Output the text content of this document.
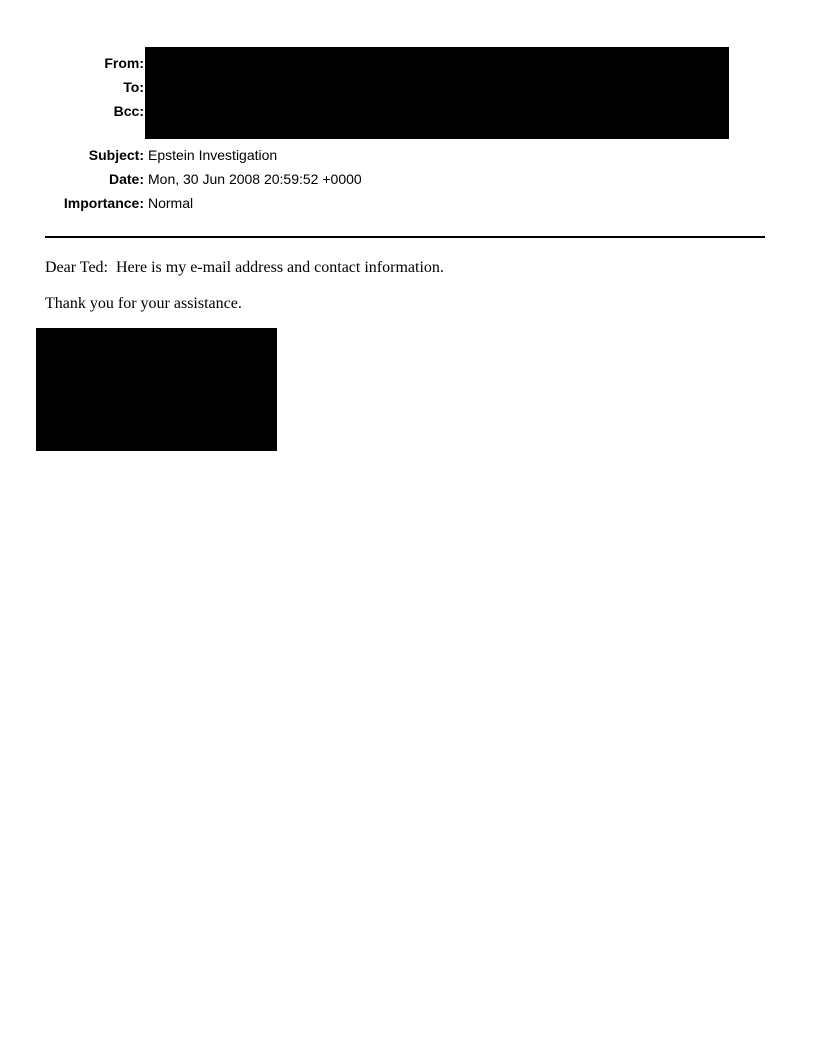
From:
To:
Bcc:
Subject: Epstein Investigation
Date: Mon, 30 Jun 2008 20:59:52 +0000
Importance: Normal
Dear Ted:  Here is my e-mail address and contact information.
Thank you for your assistance.
